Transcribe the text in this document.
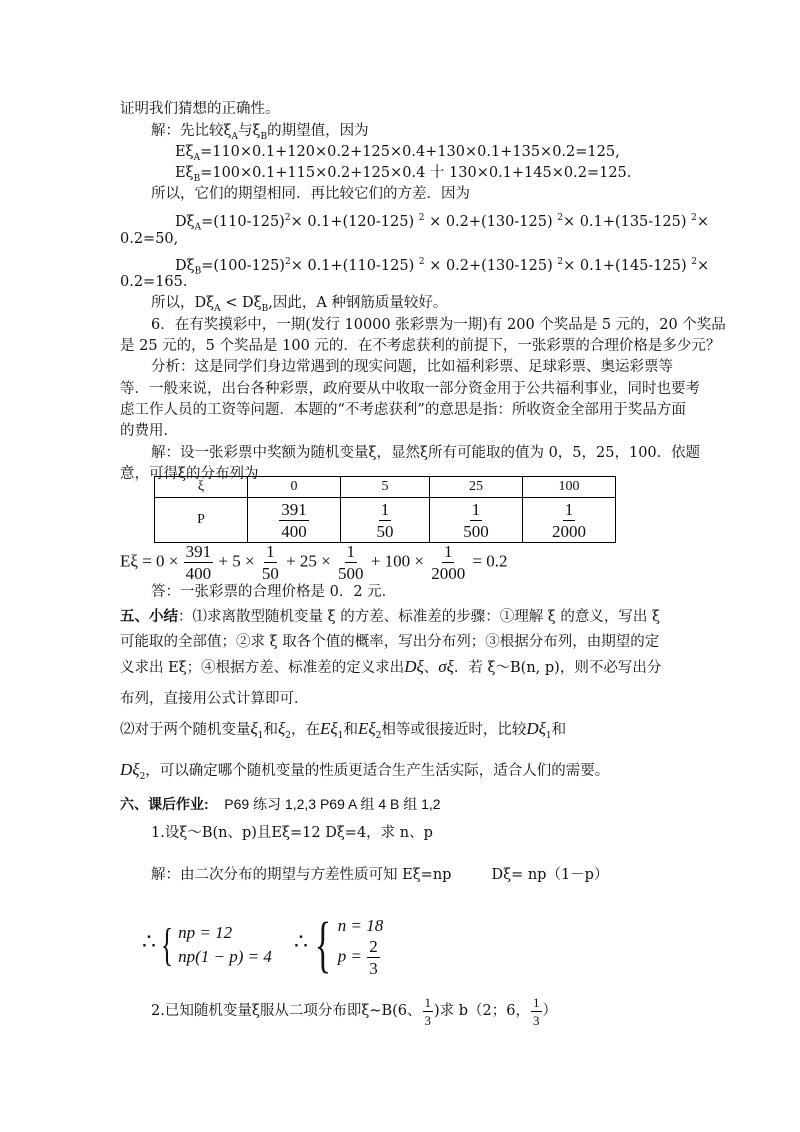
证明我们猜想的正确性。
解：先比较$\xi_A$与$\xi_B$的期望值，因为
$E\xi_A=110\times 0.1+120\times 0.2+125\times 0.4+130\times 0.1+135\times 0.2=125$,
$E\xi_B=100\times 0.1+115\times 0.2+125\times 0.4$ 十 130×0.1+145×0.2=125.
所以，它们的期望相同．再比较它们的方差．因为
$D\xi_A=(110-125)^2\times 0.1+(120-125) ^2 \times 0.2+(130-125)$ $^2$× 0.1+(135-125) $^2$×
0.2=50,
$D\xi_B=(100-125)^2\times 0.1+(110-125) ^2 \times 0.2+(130-125)$ $^2$× 0.1+(145-125) $^2$×
0.2=165.
所以，$D\xi_A < D\xi_B$,因此，A 种钢筋质量较好。
6．在有奖摸彩中，一期(发行 10000 张彩票为一期)有 200 个奖品是 5 元的，20 个奖品
是 25 元的，5 个奖品是 100 元的．在不考虑获利的前提下，一张彩票的合理价格是多少元？
分析：这是同学们身边常遇到的现实问题，比如福利彩票、足球彩票、奥运彩票等
等．一般来说，出台各种彩票，政府要从中收取一部分资金用于公共福利事业，同时也要考
虑工作人员的工资等问题．本题的“不考虑获利”的意思是指：所收资金全部用于奖品方面
的费用．
解：设一张彩票中奖额为随机变量ξ，显然ξ所有可能取的值为 0，5，25，100．依题
意，可得ξ的分布列为
ξ	0	5	25	100
P	$\frac{391}{400}$	$\frac{1}{50}$	$\frac{1}{500}$	$\frac{1}{2000}$
$E\xi = 0 \times \frac{391}{400} + 5 \times \frac{1}{50} + 25 \times \frac{1}{500} + 100 \times \frac{1}{2000} = 0.2$
答：一张彩票的合理价格是 0．2 元．
五、小结：⑴求离散型随机变量 ξ 的方差、标准差的步骤：①理解 ξ 的意义，写出 ξ
可能取的全部值；②求 ξ 取各个值的概率，写出分布列；③根据分布列，由期望的定
义求出 Eξ；④根据方差、标准差的定义求出Dξ、σξ．若 ξ～B(n, p)，则不必写出分
布列，直接用公式计算即可．
⑵对于两个随机变量$\xi_1$和$\xi_2$，在$E\xi_1$和$E\xi_2$相等或很接近时，比较$D\xi_1$和
$D\xi_2$，可以确定哪个随机变量的性质更适合生产生活实际，适合人们的需要。
六、课后作业: P69 练习 1,2,3 P69 A 组 4 B 组 1,2
1.设ξ～B(n、p)且Eξ=12 Dξ=4，求 n、p
解：由二次分布的期望与方差性质可知 Eξ=np	Dξ= np（1－p）
∴ { np = 12
np(1 − p) = 4
∴ { n = 18
$p = \frac{2}{3}$
2.已知随机变量ξ服从二项分布即ξ~B(6、 $\frac{1}{3}$ )求 b（2；6， $\frac{1}{3}$ ）
